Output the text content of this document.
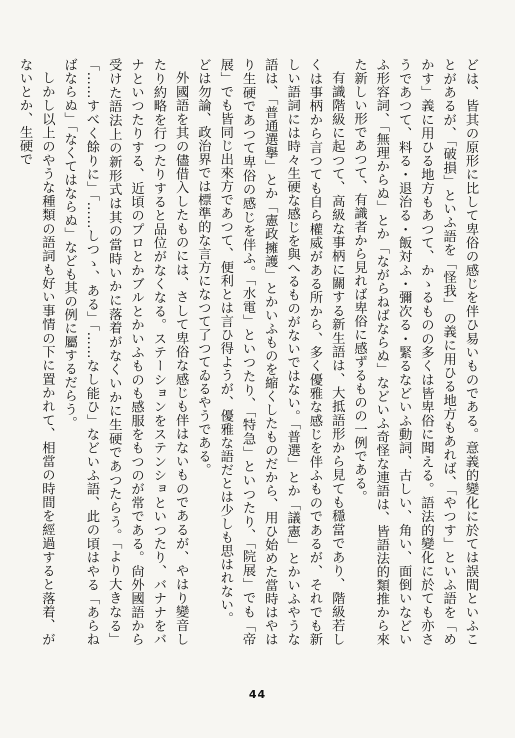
どは、皆其の原形に比して卑俗の感じを伴ひ易いものである。意義的變化に於ては誤間といふことがあるが、「破損」といふ語を「怪我」の義に用ひる地方もあれば、「やつす」といふ語を「めかす」義に用ひる地方もあつて、かゝるものの多くは皆卑俗に聞える。語法的變化に於ても亦さうであつて、料る・退治る・飯対ふ・彌次る・緊るなどいふ動詞、古しい、角い、面倒いなどいふ形容詞、「無理からぬ」とか「ながらねばならぬ」などいふ奇怪な連語は、皆語法的類推から來た新しい形であつて、有識者から見れば卑俗に感ずるものの一例である。

有識階級に起つて、高級な事柄に關する新生語は、大抵語形から見ても穩當であり、階級若しくは事柄から言つても自ら權威がある所から、多く優雅な感じを伴ふものであるが、それでも新しい語詞には時々生硬な感じを與へるものがないではない。「普選」とか「議憲」とかいふやうな語は、「普通選擧」とか「憲政擁護」とかいふものを縮くしたものだから、用ひ始めた當時はやはり生硬であつて卑俗の感じを伴ふ。「水電」といつたり、「特急」といつたり、「院展」でも「帝展」でも皆同じ出來方であつて、便利とは言ひ得ようが、優雅な語だとは少しも思はれない。

どは勿論、政治界では標準的な言方になつて了つてゐるやうである。

外國語を其の儘借入したものには、さして卑俗な感じも伴はないものであるが、やはり變音したり約略を行つたりすると品位がなくなる。ステーションをステンショといつたり、バナナをバナといつたりする、近頃のプロとかブルとかいふものも感服をもつのが常である。尙外國語から受けた語法上の新形式は其の當時いかに落着がなくいかに生硬であつたらう。「より大きなる」「……すべく餘りに」「……しつゝ、ある」「……なし能ひ」などいふ語、此の頃はやる「あらねばならぬ」「なくてはならぬ」なども其の例に屬するだらう。

しかし以上のやうな種類の語詞も好い事情の下に置かれて、相當の時間を經過すると落着、がないとか、生硬で

44
